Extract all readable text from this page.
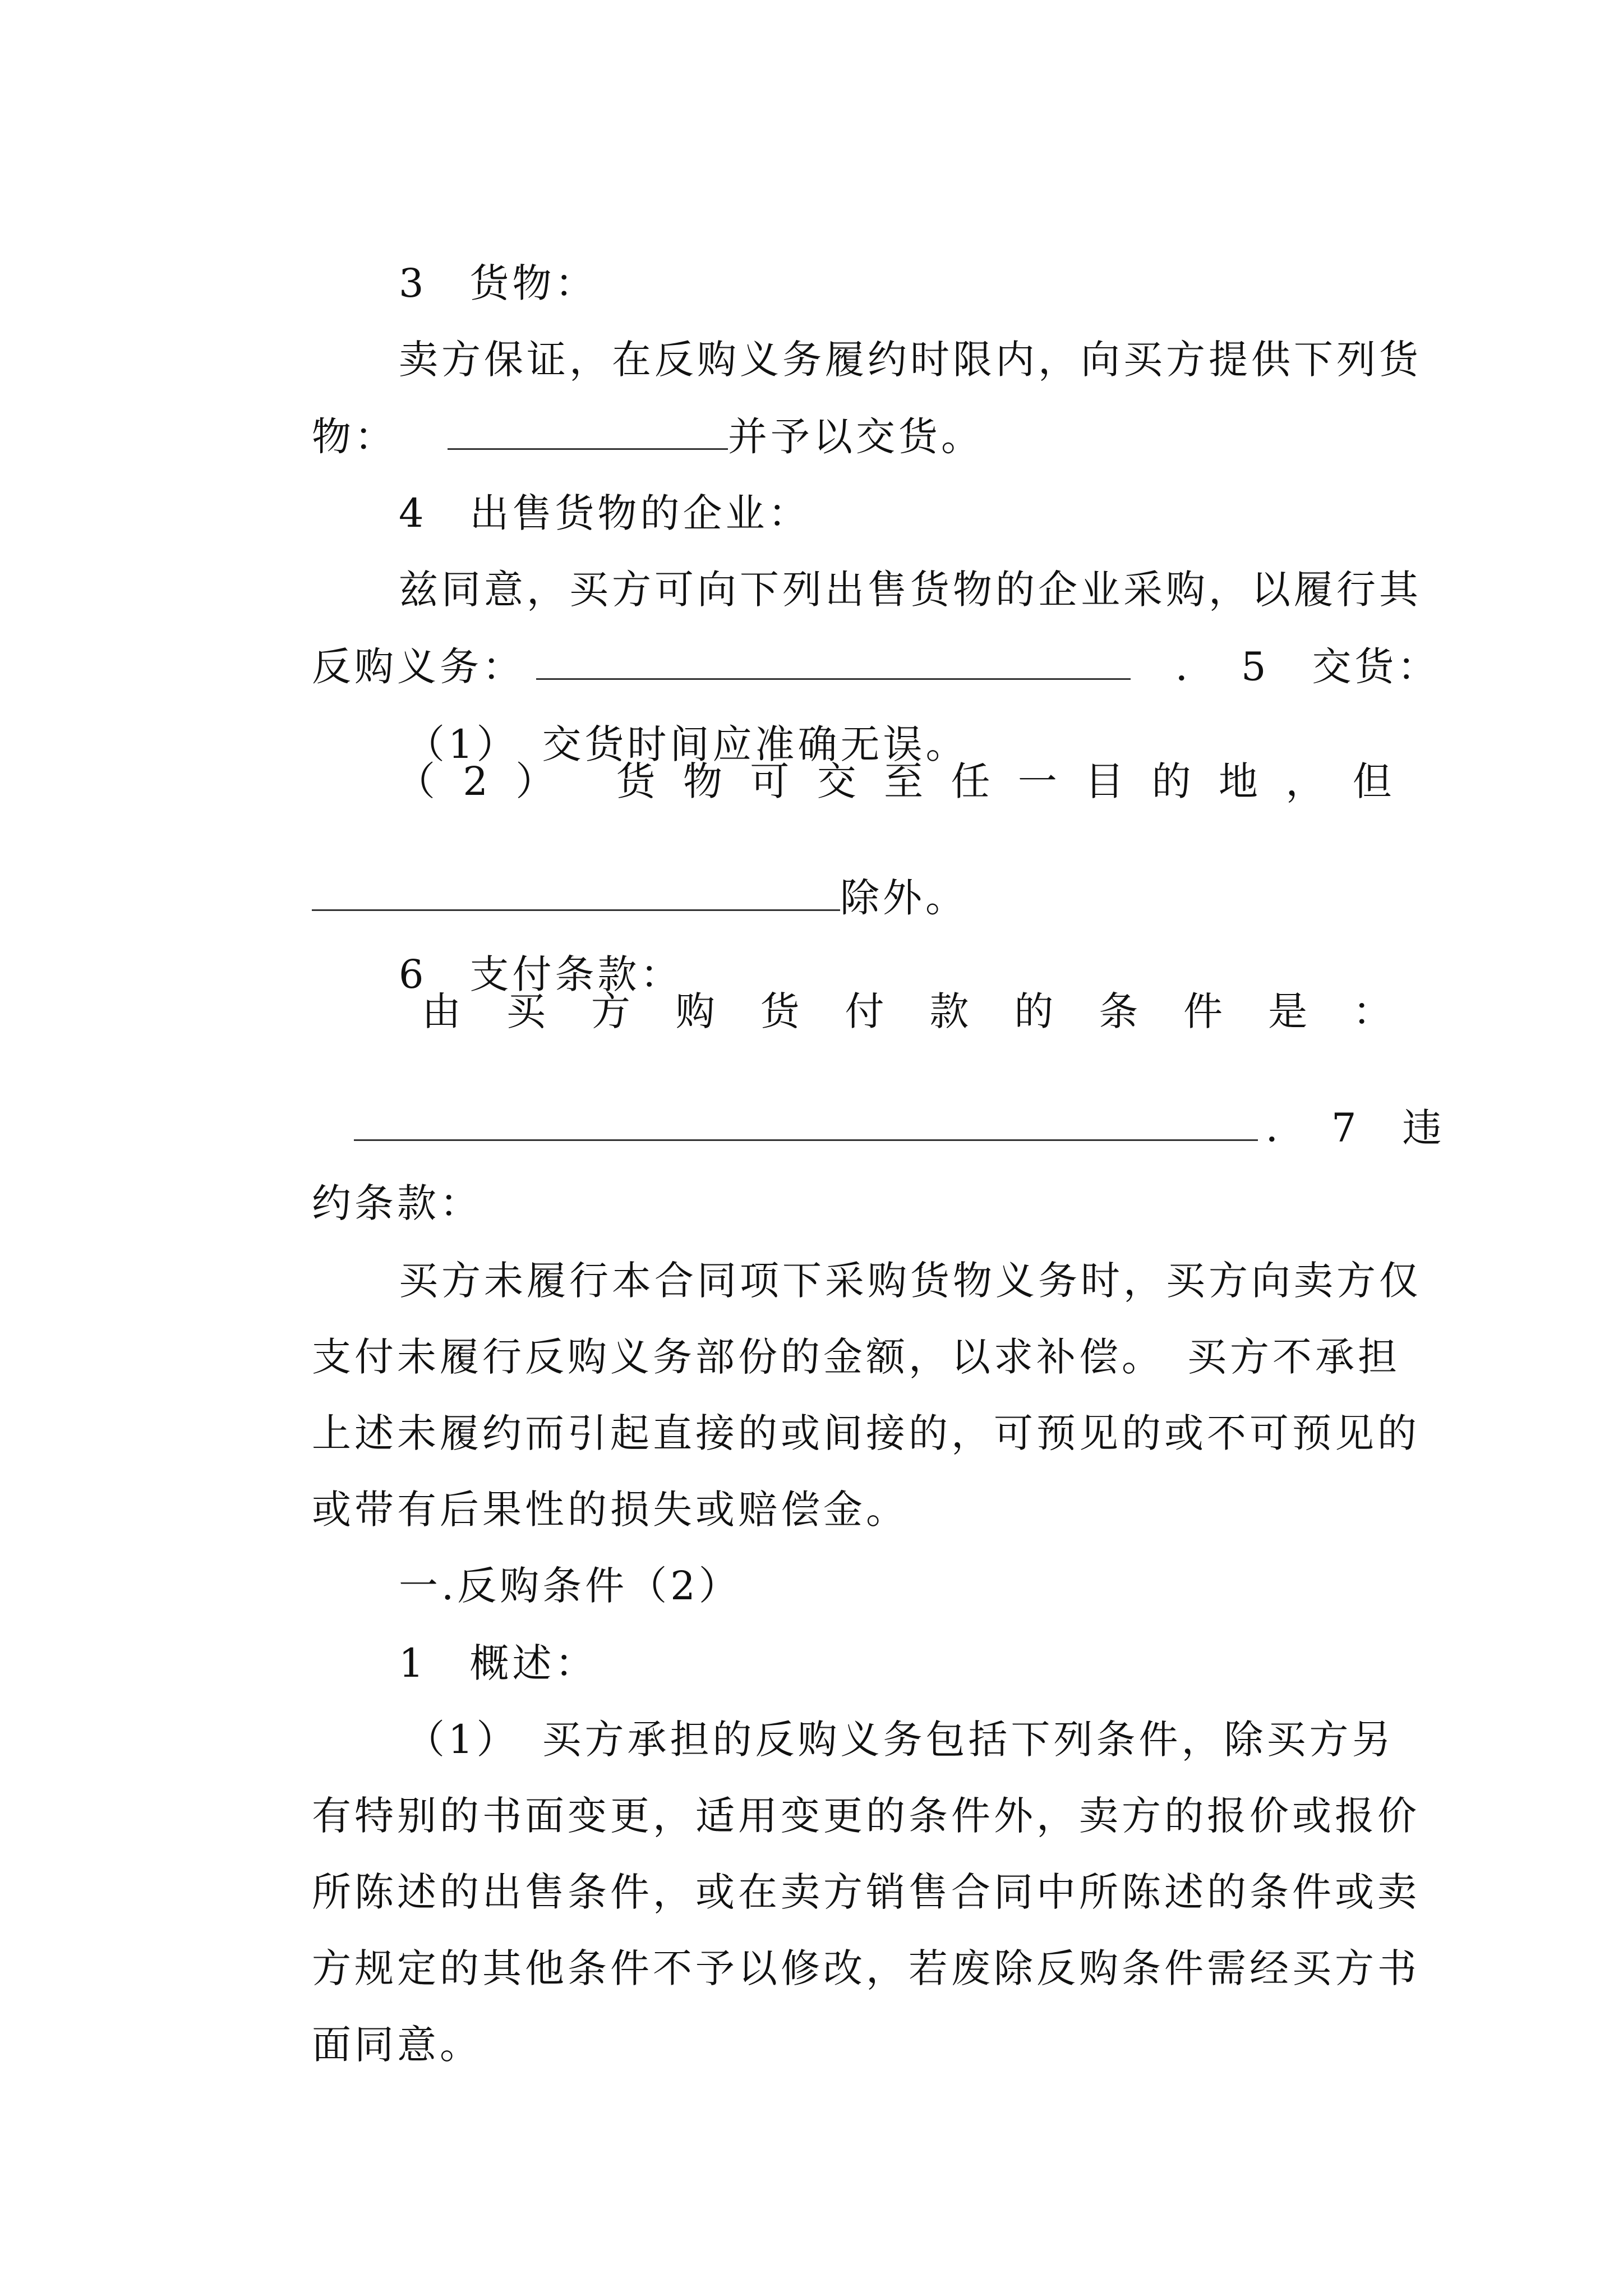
3　货物：

卖方保证，在反购义务履约时限内，向买方提供下列货

物：	并予以交货。

4　出售货物的企业：

兹同意，买方可向下列出售货物的企业采购，以履行其

反购义务：	．　5　交货：

（1）　交货时间应准确无误。

（ 2 ） 货 物 可 交 至 任 一 目 的 地 ， 但

除外。

6　支付条款：

由 买 方 购 货 付 款 的 条 件 是 ：

．　7　违

约条款：

买方未履行本合同项下采购货物义务时，买方向卖方仅

支付未履行反购义务部份的金额，以求补偿。　买方不承担

上述未履约而引起直接的或间接的，可预见的或不可预见的

或带有后果性的损失或赔偿金。

一.反购条件（2）

1　概述：

（1）　买方承担的反购义务包括下列条件，除买方另

有特别的书面变更，适用变更的条件外，卖方的报价或报价

所陈述的出售条件，或在卖方销售合同中所陈述的条件或卖

方规定的其他条件不予以修改，若废除反购条件需经买方书

面同意。
